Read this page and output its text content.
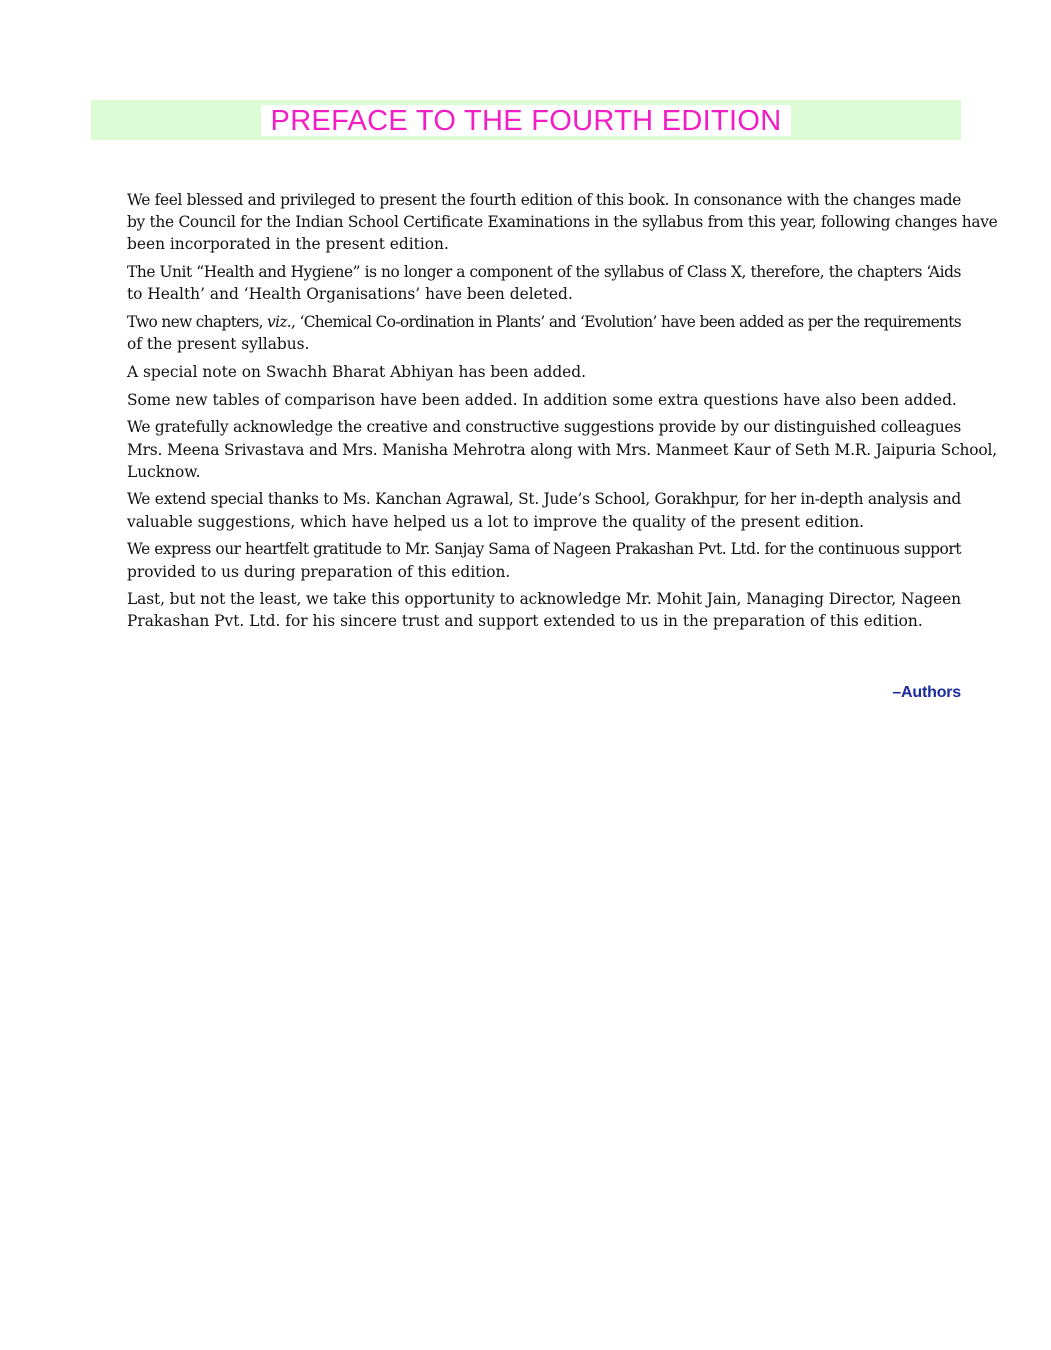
PREFACE TO THE FOURTH EDITION
We feel blessed and privileged to present the fourth edition of this book. In consonance with the changes made
by the Council for the Indian School Certificate Examinations in the syllabus from this year, following changes have
been incorporated in the present edition.
The Unit “Health and Hygiene” is no longer a component of the syllabus of Class X, therefore, the chapters ‘Aids
to Health’ and ‘Health Organisations’ have been deleted.
Two new chapters, viz., ‘Chemical Co-ordination in Plants’ and ‘Evolution’ have been added as per the requirements
of the present syllabus.
A special note on Swachh Bharat Abhiyan has been added.
Some new tables of comparison have been added. In addition some extra questions have also been added.
We gratefully acknowledge the creative and constructive suggestions provide by our distinguished colleagues
Mrs. Meena Srivastava and Mrs. Manisha Mehrotra along with Mrs. Manmeet Kaur of Seth M.R. Jaipuria School,
Lucknow.
We extend special thanks to Ms. Kanchan Agrawal, St. Jude’s School, Gorakhpur, for her in-depth analysis and
valuable suggestions, which have helped us a lot to improve the quality of the present edition.
We express our heartfelt gratitude to Mr. Sanjay Sama of Nageen Prakashan Pvt. Ltd. for the continuous support
provided to us during preparation of this edition.
Last, but not the least, we take this opportunity to acknowledge Mr. Mohit Jain, Managing Director, Nageen
Prakashan Pvt. Ltd. for his sincere trust and support extended to us in the preparation of this edition.
–Authors
